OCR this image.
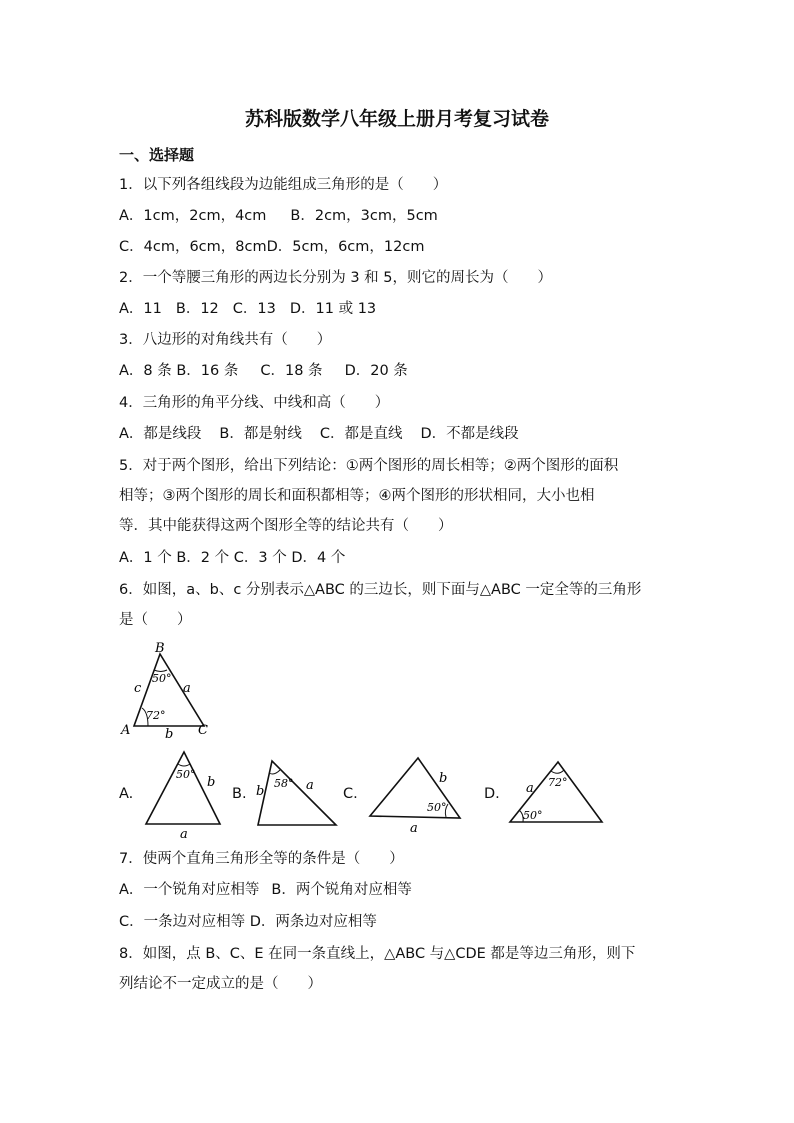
苏科版数学八年级上册月考复习试卷
一、选择题
1．以下列各组线段为边能组成三角形的是（　　）
A．1cm，2cm，4cm B．2cm，3cm，5cm
C．4cm，6cm，8cmD．5cm，6cm，12cm
2．一个等腰三角形的两边长分别为 3 和 5，则它的周长为（　　）
A．11 B．12 C．13 D．11 或 13
3．八边形的对角线共有（　　）
A．8 条 B．16 条 C．18 条 D．20 条
4．三角形的角平分线、中线和高（　　）
A．都是线段 B．都是射线 C．都是直线 D．不都是线段
5．对于两个图形，给出下列结论：①两个图形的周长相等；②两个图形的面积
相等；③两个图形的周长和面积都相等；④两个图形的形状相同，大小也相
等．其中能获得这两个图形全等的结论共有（　　）
A．1 个 B．2 个 C．3 个 D．4 个
6．如图，a、b、c 分别表示△ABC 的三边长，则下面与△ABC 一定全等的三角形
是（　　）
B
A	C
c	a
b
50°
72°
A.	B.	C.	D.
50°
b
a
58°
b	a
50°
b
a
72°
50°
a
7．使两个直角三角形全等的条件是（　　）
A．一个锐角对应相等 B．两个锐角对应相等
C．一条边对应相等 D．两条边对应相等
8．如图，点 B、C、E 在同一条直线上，△ABC 与△CDE 都是等边三角形，则下
列结论不一定成立的是（　　）
